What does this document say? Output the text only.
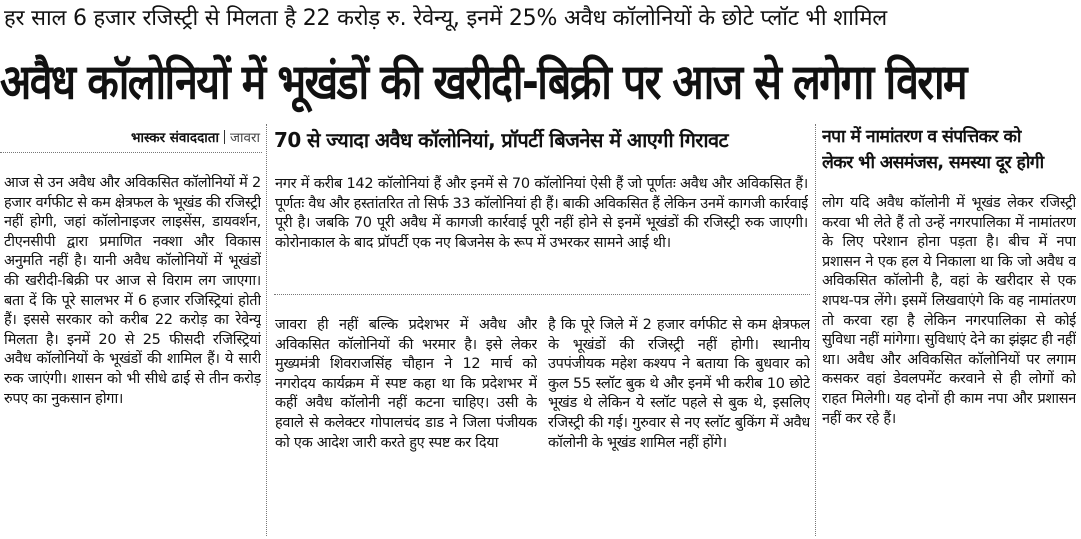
हर साल 6 हजार रजिस्ट्री से मिलता है 22 करोड़ रु. रेवेन्यू, इनमें 25% अवैध कॉलोनियों के छोटे प्लॉट भी शामिल
अवैध कॉलोनियों में भूखंडों की खरीदी-बिक्री पर आज से लगेगा विराम
भास्कर संवाददाता जावरा

आज से उन अवैध और अविकसित कॉलोनियों में 2 हजार वर्गफीट से कम क्षेत्रफल के भूखंड की रजिस्ट्री नहीं होगी, जहां कॉलोनाइजर लाइसेंस, डायवर्शन, टीएनसीपी द्वारा प्रमाणित नक्शा और विकास अनुमति नहीं है। यानी अवैध कॉलोनियों में भूखंडों की खरीदी-बिक्री पर आज से विराम लग जाएगा। बता दें कि पूरे सालभर में 6 हजार रजिस्ट्रियां होती हैं। इससे सरकार को करीब 22 करोड़ का रेवेन्यू मिलता है। इनमें 20 से 25 फीसदी रजिस्ट्रियां अवैध कॉलोनियों के भूखंडों की शामिल हैं। ये सारी रुक जाएंगी। शासन को भी सीधे ढाई से तीन करोड़ रुपए का नुकसान होगा।

70 से ज्यादा अवैध कॉलोनियां, प्रॉपर्टी बिजनेस में आएगी गिरावट

नगर में करीब 142 कॉलोनियां हैं और इनमें से 70 कॉलोनियां ऐसी हैं जो पूर्णतः अवैध और अविकसित हैं। पूर्णतः वैध और हस्तांतरित तो सिर्फ 33 कॉलोनियां ही हैं। बाकी अविकसित हैं लेकिन उनमें कागजी कार्रवाई पूरी है। जबकि 70 पूरी अवैध में कागजी कार्रवाई पूरी नहीं होने से इनमें भूखंडों की रजिस्ट्री रुक जाएगी। कोरोनाकाल के बाद प्रॉपर्टी एक नए बिजनेस के रूप में उभरकर सामने आई थी।

जावरा ही नहीं बल्कि प्रदेशभर में अवैध और अविकसित कॉलोनियों की भरमार है। इसे लेकर मुख्यमंत्री शिवराजसिंह चौहान ने 12 मार्च को नगरोदय कार्यक्रम में स्पष्ट कहा था कि प्रदेशभर में कहीं अवैध कॉलोनी नहीं कटना चाहिए। उसी के हवाले से कलेक्टर गोपालचंद डाड ने जिला पंजीयक को एक आदेश जारी करते हुए स्पष्ट कर दिया

है कि पूरे जिले में 2 हजार वर्गफीट से कम क्षेत्रफल के भूखंडों की रजिस्ट्री नहीं होगी। स्थानीय उपपंजीयक महेश कश्यप ने बताया कि बुधवार को कुल 55 स्लॉट बुक थे और इनमें भी करीब 10 छोटे भूखंड थे लेकिन ये स्लॉट पहले से बुक थे, इसलिए रजिस्ट्री की गई। गुरुवार से नए स्लॉट बुकिंग में अवैध कॉलोनी के भूखंड शामिल नहीं होंगे।

नपा में नामांतरण व संपत्तिकर को
लेकर भी असमंजस, समस्या दूर होगी

लोग यदि अवैध कॉलोनी में भूखंड लेकर रजिस्ट्री करवा भी लेते हैं तो उन्हें नगरपालिका में नामांतरण के लिए परेशान होना पड़ता है। बीच में नपा प्रशासन ने एक हल ये निकाला था कि जो अवैध व अविकसित कॉलोनी है, वहां के खरीदार से एक शपथ-पत्र लेंगे। इसमें लिखवाएंगे कि वह नामांतरण तो करवा रहा है लेकिन नगरपालिका से कोई सुविधा नहीं मांगेगा। सुविधाएं देने का झंझट ही नहीं था। अवैध और अविकसित कॉलोनियों पर लगाम कसकर वहां डेवलपमेंट करवाने से ही लोगों को राहत मिलेगी। यह दोनों ही काम नपा और प्रशासन नहीं कर रहे हैं।
